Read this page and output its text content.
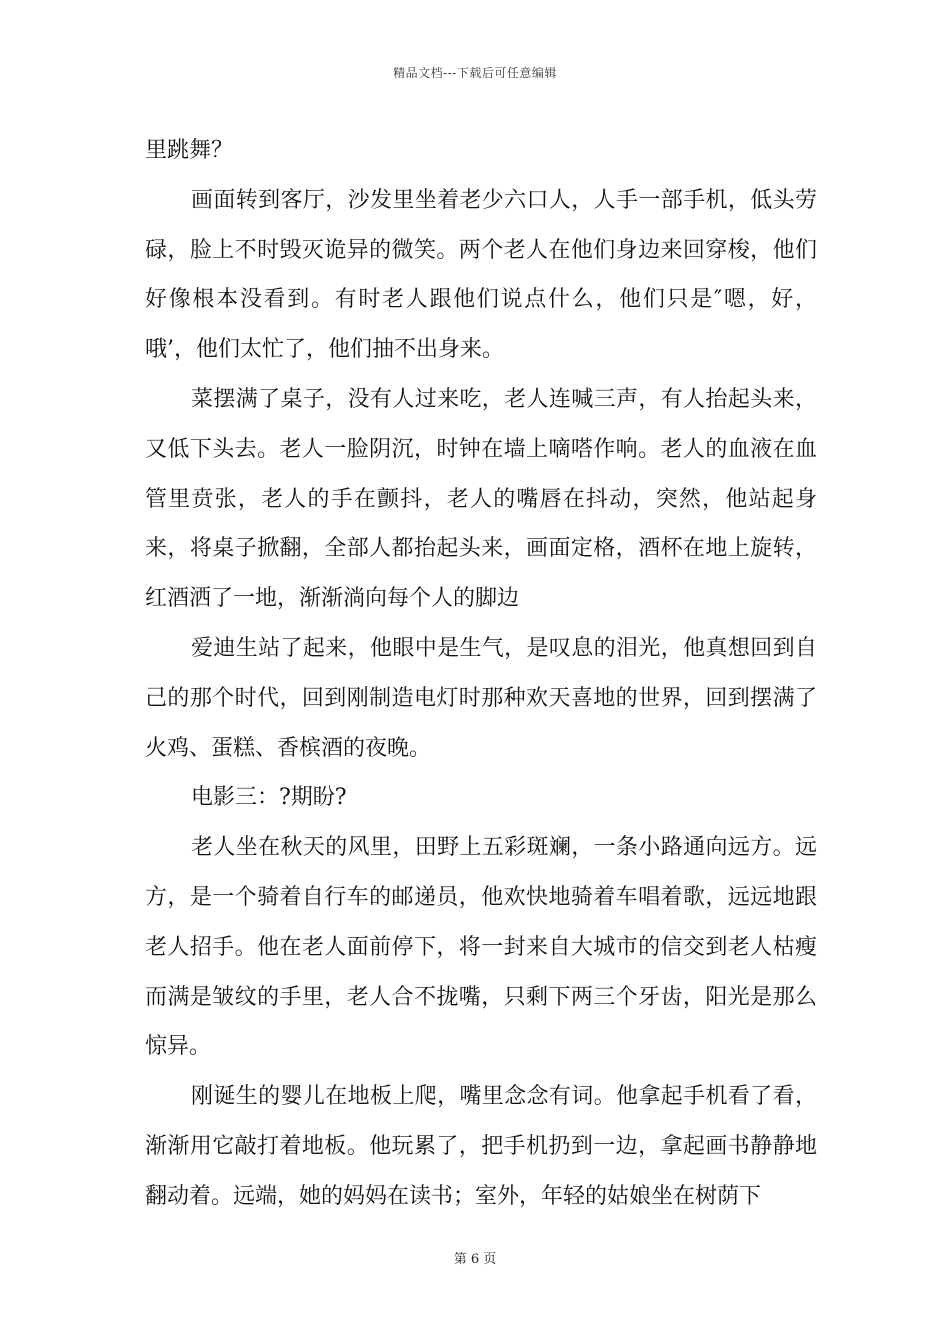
精品文档---下载后可任意编辑

里跳舞？

画面转到客厅，沙发里坐着老少六口人，人手一部手机，低头劳碌，脸上不时毁灭诡异的微笑。两个老人在他们身边来回穿梭，他们好像根本没看到。有时老人跟他们说点什么，他们只是″嗯，好，哦’，他们太忙了，他们抽不出身来。

菜摆满了桌子，没有人过来吃，老人连喊三声，有人抬起头来，又低下头去。老人一脸阴沉，时钟在墙上嘀嗒作响。老人的血液在血管里贲张，老人的手在颤抖，老人的嘴唇在抖动，突然，他站起身来，将桌子掀翻，全部人都抬起头来，画面定格，酒杯在地上旋转，红酒洒了一地，渐渐淌向每个人的脚边

爱迪生站了起来，他眼中是生气，是叹息的泪光，他真想回到自己的那个时代，回到刚制造电灯时那种欢天喜地的世界，回到摆满了火鸡、蛋糕、香槟酒的夜晚。

电影三：?期盼?

老人坐在秋天的风里，田野上五彩斑斓，一条小路通向远方。远方，是一个骑着自行车的邮递员，他欢快地骑着车唱着歌，远远地跟老人招手。他在老人面前停下，将一封来自大城市的信交到老人枯瘦而满是皱纹的手里，老人合不拢嘴，只剩下两三个牙齿，阳光是那么惊异。

刚诞生的婴儿在地板上爬，嘴里念念有词。他拿起手机看了看，渐渐用它敲打着地板。他玩累了，把手机扔到一边，拿起画书静静地翻动着。远端，她的妈妈在读书；室外，年轻的姑娘坐在树荫下

第 6 页
